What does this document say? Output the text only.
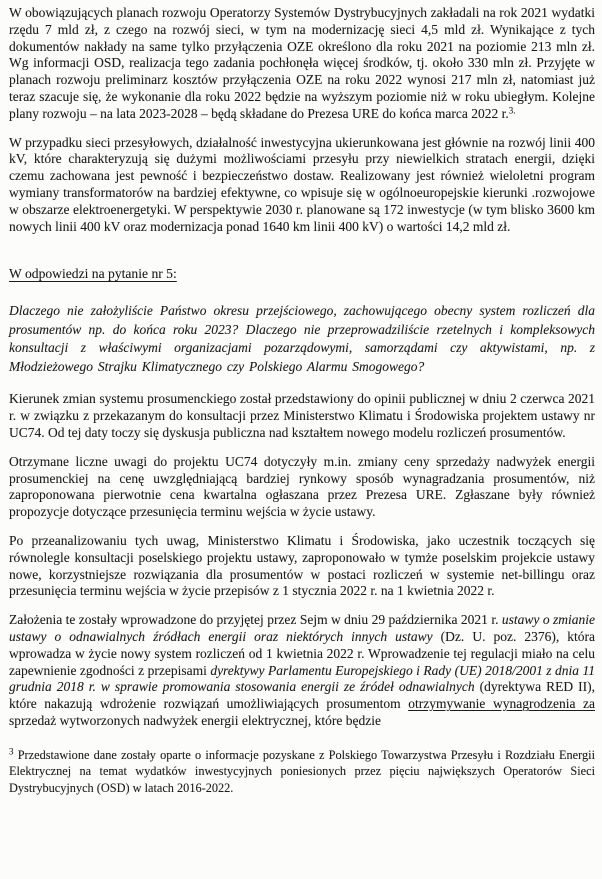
W obowiązujących planach rozwoju Operatorzy Systemów Dystrybucyjnych zakładali na rok 2021 wydatki rzędu 7 mld zł, z czego na rozwój sieci, w tym na modernizację sieci 4,5 mld zł. Wynikające z tych dokumentów nakłady na same tylko przyłączenia OZE określono dla roku 2021 na poziomie 213 mln zł. Wg informacji OSD, realizacja tego zadania pochłonęła więcej środków, tj. około 330 mln zł. Przyjęte w planach rozwoju preliminarz kosztów przyłączenia OZE na roku 2022 wynosi 217 mln zł, natomiast już teraz szacuje się, że wykonanie dla roku 2022 będzie na wyższym poziomie niż w roku ubiegłym. Kolejne plany rozwoju – na lata 2023-2028 – będą składane do Prezesa URE do końca marca 2022 r.$^{3.}$

W przypadku sieci przesyłowych, działalność inwestycyjna ukierunkowana jest głównie na rozwój linii 400 kV, które charakteryzują się dużymi możliwościami przesyłu przy niewielkich stratach energii, dzięki czemu zachowana jest pewność i bezpieczeństwo dostaw. Realizowany jest również wieloletni program wymiany transformatorów na bardziej efektywne, co wpisuje się w ogólnoeuropejskie kierunki .rozwojowe w obszarze elektroenergetyki. W perspektywie 2030 r. planowane są 172 inwestycje (w tym blisko 3600 km nowych linii 400 kV oraz modernizacja ponad 1640 km linii 400 kV) o wartości 14,2 mld zł.

W odpowiedzi na pytanie nr 5:

Dlaczego nie założyliście Państwo okresu przejściowego, zachowującego obecny system rozliczeń dla prosumentów np. do końca roku 2023? Dlaczego nie przeprowadziliście rzetelnych i kompleksowych konsultacji z właściwymi organizacjami pozarządowymi, samorządami czy aktywistami, np. z Młodzieżowego Strajku Klimatycznego czy Polskiego Alarmu Smogowego?

Kierunek zmian systemu prosumenckiego został przedstawiony do opinii publicznej w dniu 2 czerwca 2021 r. w związku z przekazanym do konsultacji przez Ministerstwo Klimatu i Środowiska projektem ustawy nr UC74. Od tej daty toczy się dyskusja publiczna nad kształtem nowego modelu rozliczeń prosumentów.

Otrzymane liczne uwagi do projektu UC74 dotyczyły m.in. zmiany ceny sprzedaży nadwyżek energii prosumenckiej na cenę uwzględniającą bardziej rynkowy sposób wynagradzania prosumentów, niż zaproponowana pierwotnie cena kwartalna ogłaszana przez Prezesa URE. Zgłaszane były również propozycje dotyczące przesunięcia terminu wejścia w życie ustawy.

Po przeanalizowaniu tych uwag, Ministerstwo Klimatu i Środowiska, jako uczestnik toczących się równolegle konsultacji poselskiego projektu ustawy, zaproponowało w tymże poselskim projekcie ustawy nowe, korzystniejsze rozwiązania dla prosumentów w postaci rozliczeń w systemie net-billingu oraz przesunięcia terminu wejścia w życie przepisów z 1 stycznia 2022 r. na 1 kwietnia 2022 r.

Założenia te zostały wprowadzone do przyjętej przez Sejm w dniu 29 października 2021 r. ustawy o zmianie ustawy o odnawialnych źródłach energii oraz niektórych innych ustawy (Dz. U. poz. 2376), która wprowadza w życie nowy system rozliczeń od 1 kwietnia 2022 r. Wprowadzenie tej regulacji miało na celu zapewnienie zgodności z przepisami dyrektywy Parlamentu Europejskiego i Rady (UE) 2018/2001 z dnia 11 grudnia 2018 r. w sprawie promowania stosowania energii ze źródeł odnawialnych (dyrektywa RED II), które nakazują wdrożenie rozwiązań umożliwiających prosumentom otrzymywanie wynagrodzenia za sprzedaż wytworzonych nadwyżek energii elektrycznej, które będzie

$^3$ Przedstawione dane zostały oparte o informacje pozyskane z Polskiego Towarzystwa Przesyłu i Rozdziału Energii Elektrycznej na temat wydatków inwestycyjnych poniesionych przez pięciu największych Operatorów Sieci Dystrybucyjnych (OSD) w latach 2016-2022.
